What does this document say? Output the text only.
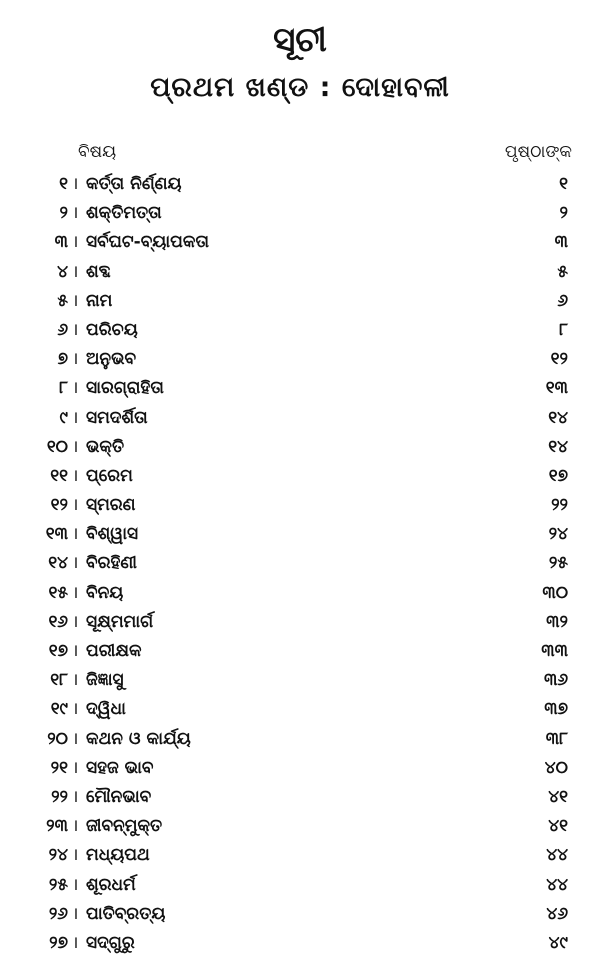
ସୂଚୀ
ପ୍ରଥମ ଖଣ୍ଡ : ଦୋହାବଳୀ
ବିଷୟ	ପୃଷ୍ଠାଙ୍କ
୧ । କର୍ତ୍ତା ନିର୍ଣ୍ଣୟ	୧
୨ । ଶକ୍ତିମତ୍ତା	୨
୩ । ସର୍ବଘଟ-ବ୍ୟାପକତା	୩
୪ । ଶବ୍ଦ	୫
୫ । ନାମ	୬
୬ । ପରିଚୟ	୮
୭ । ଅନୁଭବ	୧୨
୮ । ସାରଗ୍ରାହିତା	୧୩
୯ । ସମଦର୍ଶିତା	୧୪
୧୦ । ଭକ୍ତି	୧୪
୧୧ । ପ୍ରେମ	୧୭
୧୨ । ସ୍ମରଣ	୨୨
୧୩ । ବିଶ୍ୱାସ	୨୪
୧୪ । ବିରହିଣୀ	୨୫
୧୫ । ବିନୟ	୩୦
୧୬ । ସୂକ୍ଷ୍ମମାର୍ଗ	୩୨
୧୭ । ପରୀକ୍ଷକ	୩୩
୧୮ । ଜିଜ୍ଞାସୁ	୩୬
୧୯ । ଦ୍ୱିଧା	୩୭
୨୦ । କଥନ ଓ କାର୍ଯ୍ୟ	୩୮
୨୧ । ସହଜ ଭାବ	୪୦
୨୨ । ମୌନଭାବ	୪୧
୨୩ । ଜୀବନ୍ମୁକ୍ତ	୪୧
୨୪ । ମଧ୍ୟପଥ	୪୪
୨୫ । ଶୂରଧର୍ମ	୪୪
୨୬ । ପାତିବ୍ରତ୍ୟ	୪୬
୨୭ । ସଦ୍‌ଗୁରୁ	୪୯
